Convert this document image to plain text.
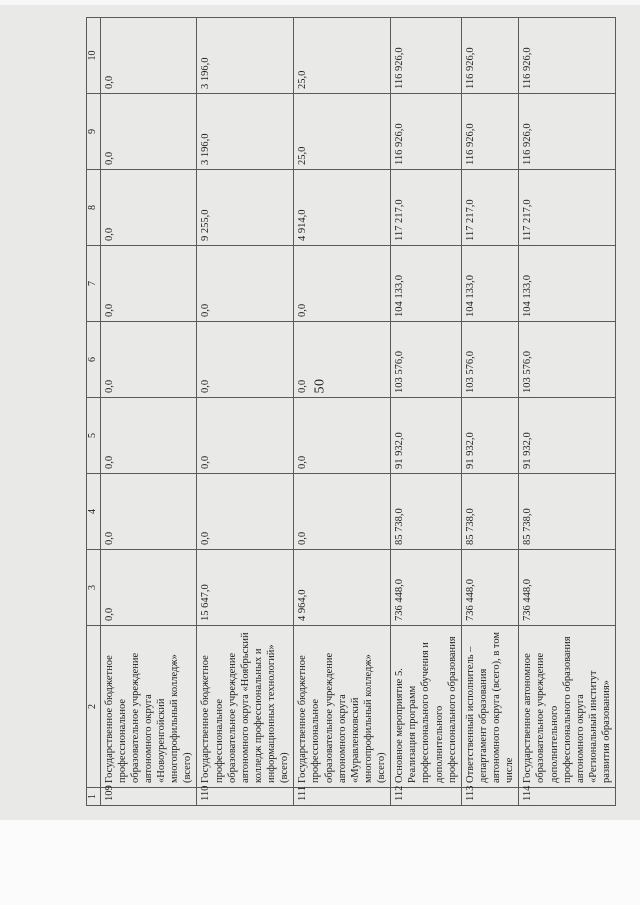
50
1	2	3	4	5	6	7	8	9	10
109	Государственное бюджетное профессиональное образовательное учреждение автономного округа «Новоуренгойский многопрофильный колледж» (всего)	0,0	0,0	0,0	0,0	0,0	0,0	0,0	0,0
110	Государственное бюджетное профессиональное образовательное учреждение автономного округа «Ноябрьский колледж профессиональных и информационных технологий» (всего)	15 647,0	0,0	0,0	0,0	0,0	9 255,0	3 196,0	3 196,0
111	Государственное бюджетное профессиональное образовательное учреждение автономного округа «Муравленковский многопрофильный колледж» (всего)	4 964,0	0,0	0,0	0,0	0,0	4 914,0	25,0	25,0
112	Основное мероприятие 5. Реализация программ профессионального обучения и дополнительного профессионального образования	736 448,0	85 738,0	91 932,0	103 576,0	104 133,0	117 217,0	116 926,0	116 926,0
113	Ответственный исполнитель – департамент образования автономного округа (всего), в том числе	736 448,0	85 738,0	91 932,0	103 576,0	104 133,0	117 217,0	116 926,0	116 926,0
114	Государственное автономное образовательное учреждение дополнительного профессионального образования автономного округа «Региональный институт развития образования»	736 448,0	85 738,0	91 932,0	103 576,0	104 133,0	117 217,0	116 926,0	116 926,0
